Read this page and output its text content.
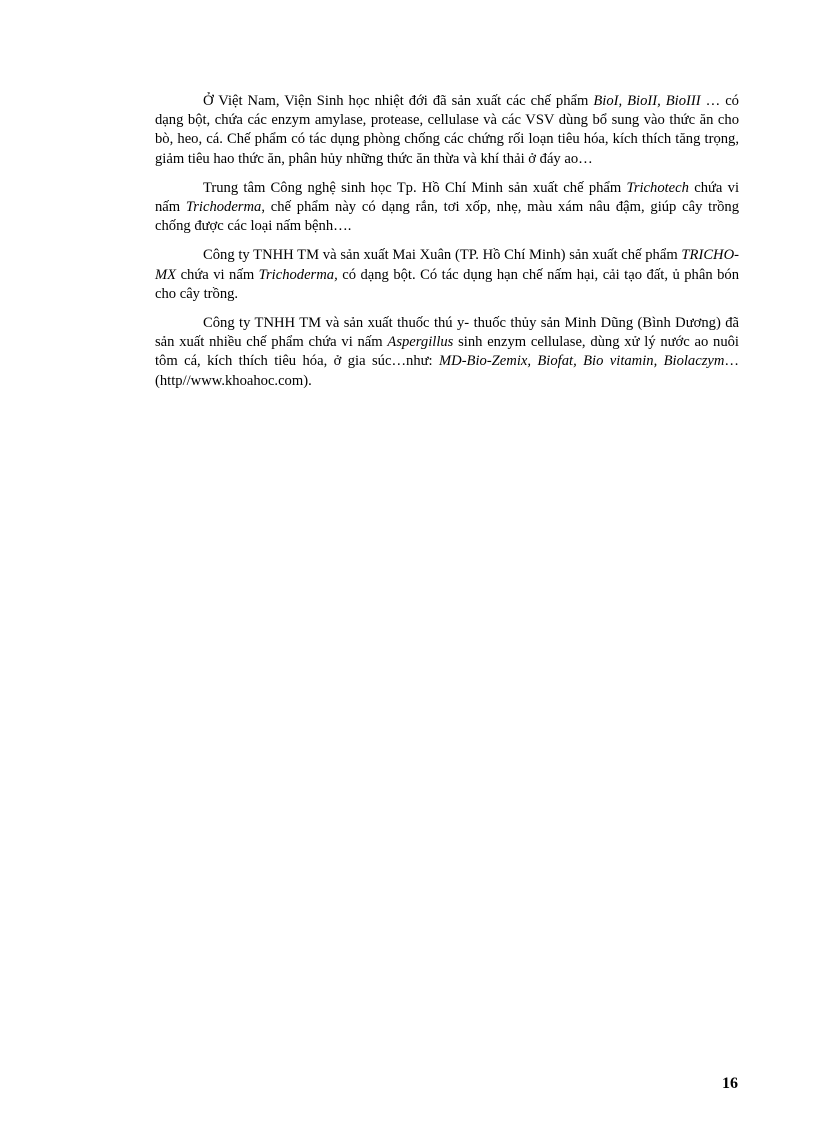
Ở Việt Nam, Viện Sinh học nhiệt đới đã sản xuất các chế phẩm BioI, BioII, BioIII … có dạng bột, chứa các enzym amylase, protease, cellulase và các VSV dùng bổ sung vào thức ăn cho bò, heo, cá. Chế phẩm có tác dụng phòng chống các chứng rối loạn tiêu hóa, kích thích tăng trọng, giảm tiêu hao thức ăn, phân hủy những thức ăn thừa và khí thải ở đáy ao…

Trung tâm Công nghệ sinh học Tp. Hồ Chí Minh sản xuất chế phẩm Trichotech chứa vi nấm Trichoderma, chế phẩm này có dạng rắn, tơi xốp, nhẹ, màu xám nâu đậm, giúp cây trồng chống được các loại nấm bệnh….

Công ty TNHH TM và sản xuất Mai Xuân (TP. Hồ Chí Minh) sản xuất chế phẩm TRICHO-MX chứa vi nấm Trichoderma, có dạng bột. Có tác dụng hạn chế nấm hại, cải tạo đất, ủ phân bón cho cây trồng.

Công ty TNHH TM và sản xuất thuốc thú y- thuốc thủy sản Minh Dũng (Bình Dương) đã sản xuất nhiều chế phẩm chứa vi nấm Aspergillus sinh enzym cellulase, dùng xử lý nước ao nuôi tôm cá, kích thích tiêu hóa, ở gia súc…như: MD-Bio-Zemix, Biofat, Bio vitamin, Biolaczym…(http//www.khoahoc.com).

16
